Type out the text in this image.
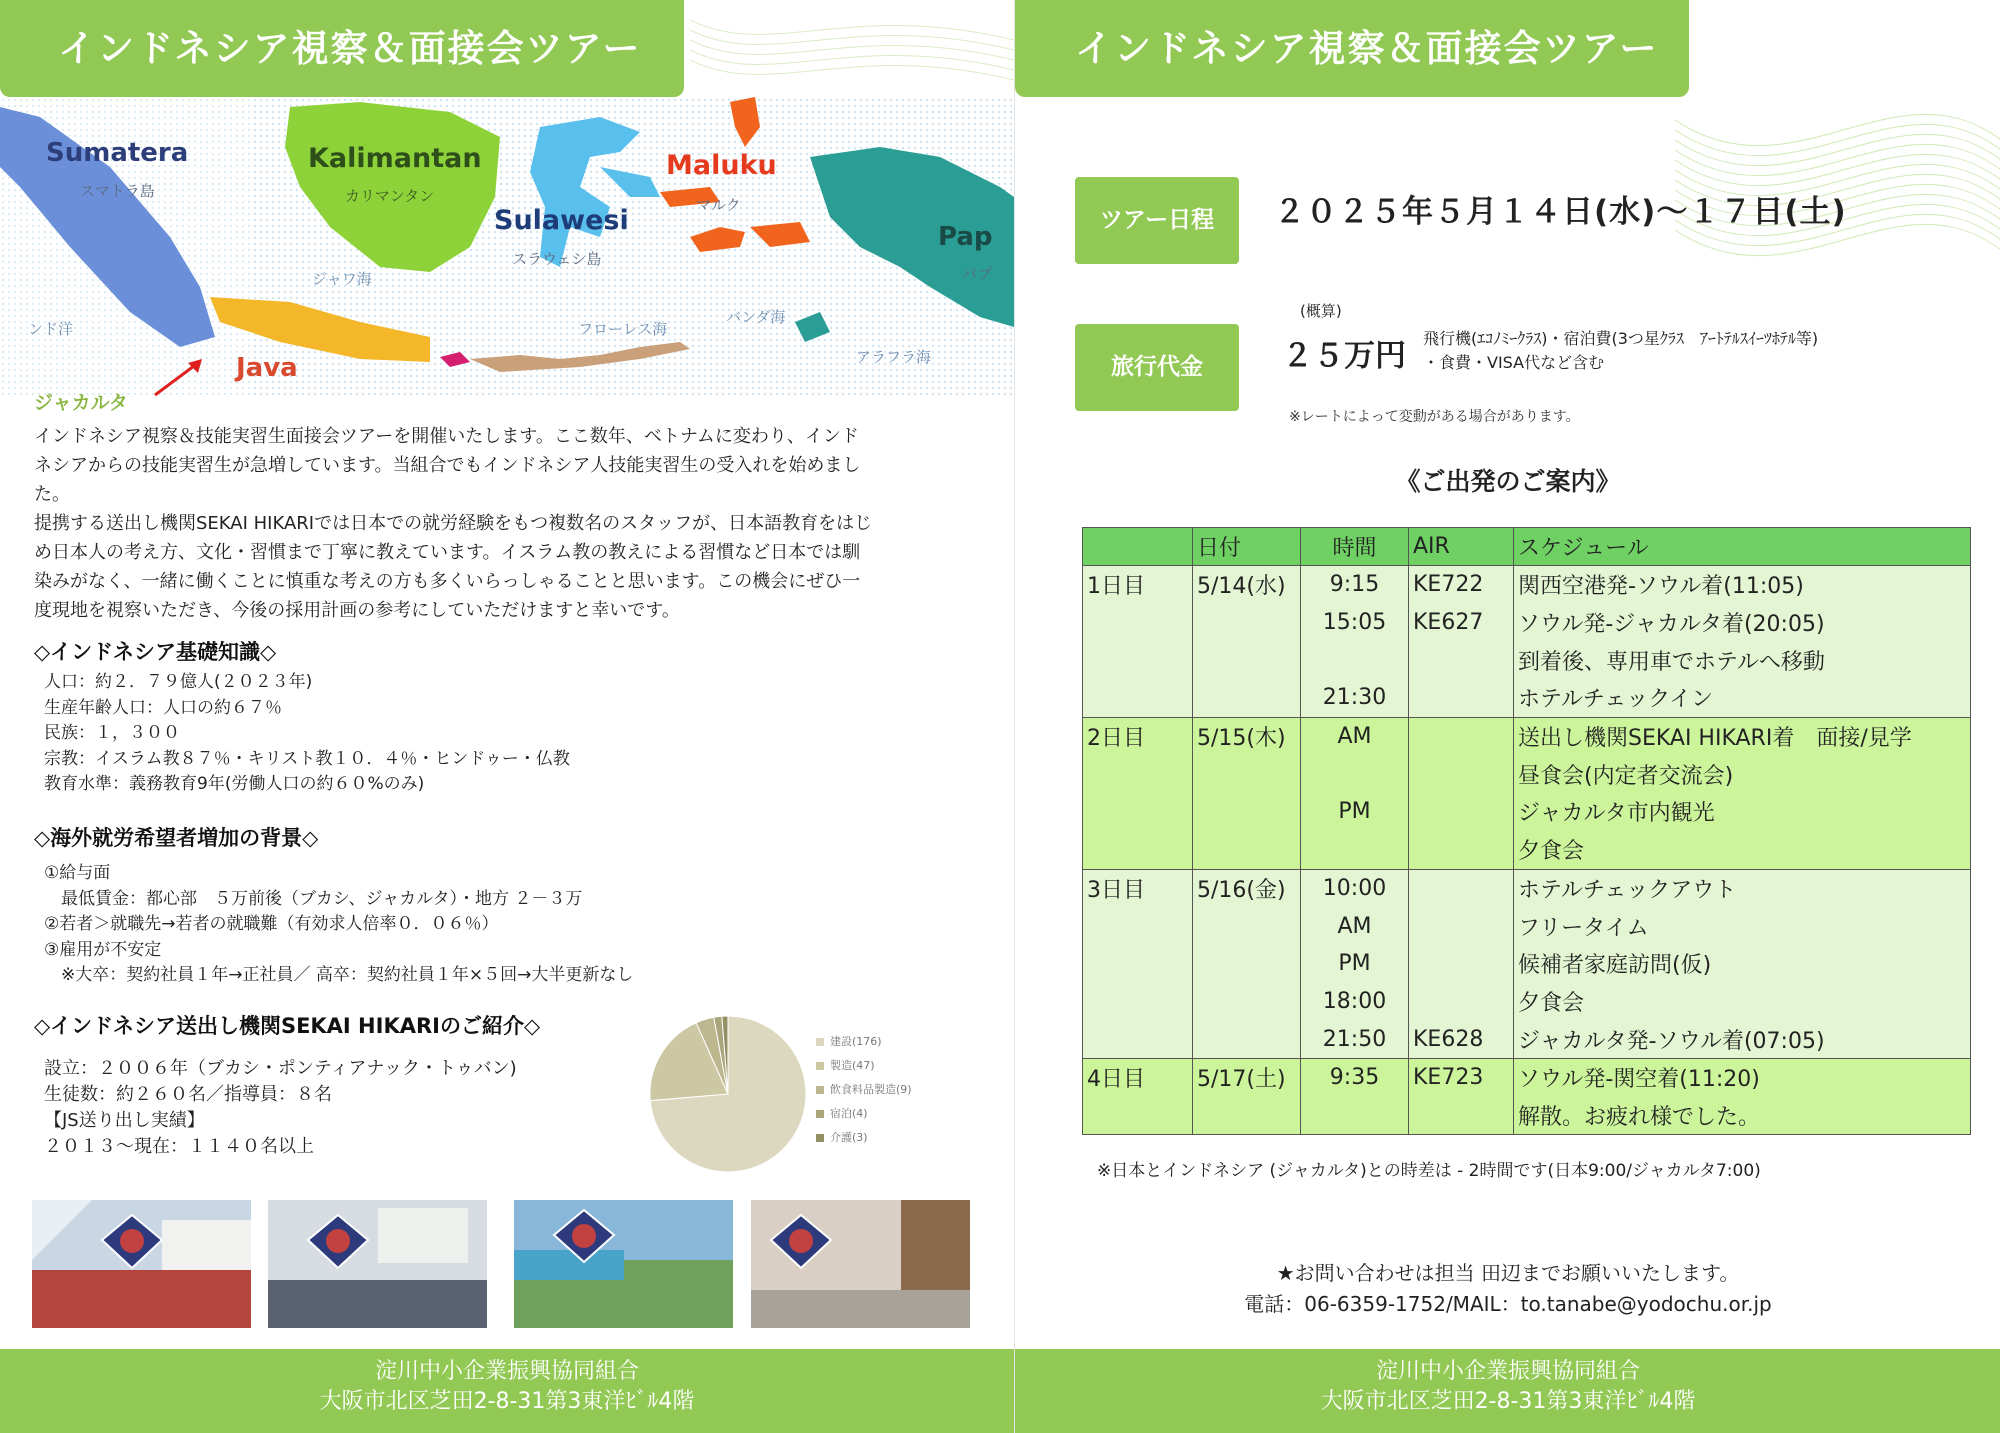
インドネシア視察＆面接会ツアー
Sumatera
スマトラ島
Kalimantan
カリマンタン
Sulawesi
スラウェシ島
Maluku
マルク
Pap
パプ
Java
ジャワ海
フローレス海
バンダ海
アラフラ海
ンド洋
ジャカルタ
インドネシア視察＆技能実習生面接会ツアーを開催いたします。ここ数年、ベトナムに変わり、インド
ネシアからの技能実習生が急増しています。当組合でもインドネシア人技能実習生の受入れを始めまし
た。
提携する送出し機関SEKAI HIKARIでは日本での就労経験をもつ複数名のスタッフが、日本語教育をはじ
め日本人の考え方、文化・習慣まで丁寧に教えています。イスラム教の教えによる習慣など日本では馴
染みがなく、一緒に働くことに慎重な考えの方も多くいらっしゃることと思います。この機会にぜひ一
度現地を視察いただき、今後の採用計画の参考にしていただけますと幸いです。
◇インドネシア基礎知識◇
人口：約２．７９億人(２０２３年)
生産年齢人口：人口の約６７％
民族：１，３００
宗教：イスラム教８７％・キリスト教１０．４％・ヒンドゥー・仏教
教育水準：義務教育9年(労働人口の約６０%のみ)
◇海外就労希望者増加の背景◇
①給与面
　最低賃金：都心部　５万前後（ブカシ、ジャカルタ）・地方 ２－３万
②若者＞就職先→若者の就職難（有効求人倍率０．０６％）
③雇用が不安定
　※大卒：契約社員１年→正社員／ 高卒：契約社員１年×５回→大半更新なし
◇インドネシア送出し機関SEKAI HIKARIのご紹介◇
設立：２００６年（ブカシ・ポンティアナック・トゥバン)
生徒数：約２６０名／指導員：８名
【JS送り出し実績】
２０１３～現在：１１４０名以上
建設(176)
製造(47)
飲食料品製造(9)
宿泊(4)
介護(3)
淀川中小企業振興協同組合
大阪市北区芝田2-8-31第3東洋ﾋﾞﾙ4階
インドネシア視察＆面接会ツアー
ツアー日程	２０２５年５月１４日(水)～１７日(土)
旅行代金
(概算)
２５万円 飛行機(ｴｺﾉﾐｰｸﾗｽ)・宿泊費(3つ星ｸﾗｽ　ｱｰﾄﾃﾙｽｲｰﾂﾎﾃﾙ等)
・食費・VISA代など含む
※レートによって変動がある場合があります。
《ご出発のご案内》
	日付	時間	AIR	スケジュール
1日目	5/14(水)	9:15	KE722	関西空港発-ソウル着(11:05)
		15:05	KE627	ソウル発-ジャカルタ着(20:05)
				到着後、専用車でホテルへ移動
		21:30		ホテルチェックイン
2日目	5/15(木)	AM		送出し機関SEKAI HIKARI着　面接/見学
				昼食会(内定者交流会)
		PM		ジャカルタ市内観光
				夕食会
3日目	5/16(金)	10:00		ホテルチェックアウト
		AM		フリータイム
		PM		候補者家庭訪問(仮)
		18:00		夕食会
		21:50	KE628	ジャカルタ発-ソウル着(07:05)
4日目	5/17(土)	9:35	KE723	ソウル発-関空着(11:20)
				解散。お疲れ様でした。
※日本とインドネシア (ジャカルタ)との時差は - 2時間です(日本9:00/ジャカルタ7:00)
★お問い合わせは担当 田辺までお願いいたします。
電話：06-6359-1752/MAIL：to.tanabe@yodochu.or.jp
淀川中小企業振興協同組合
大阪市北区芝田2-8-31第3東洋ﾋﾞﾙ4階
